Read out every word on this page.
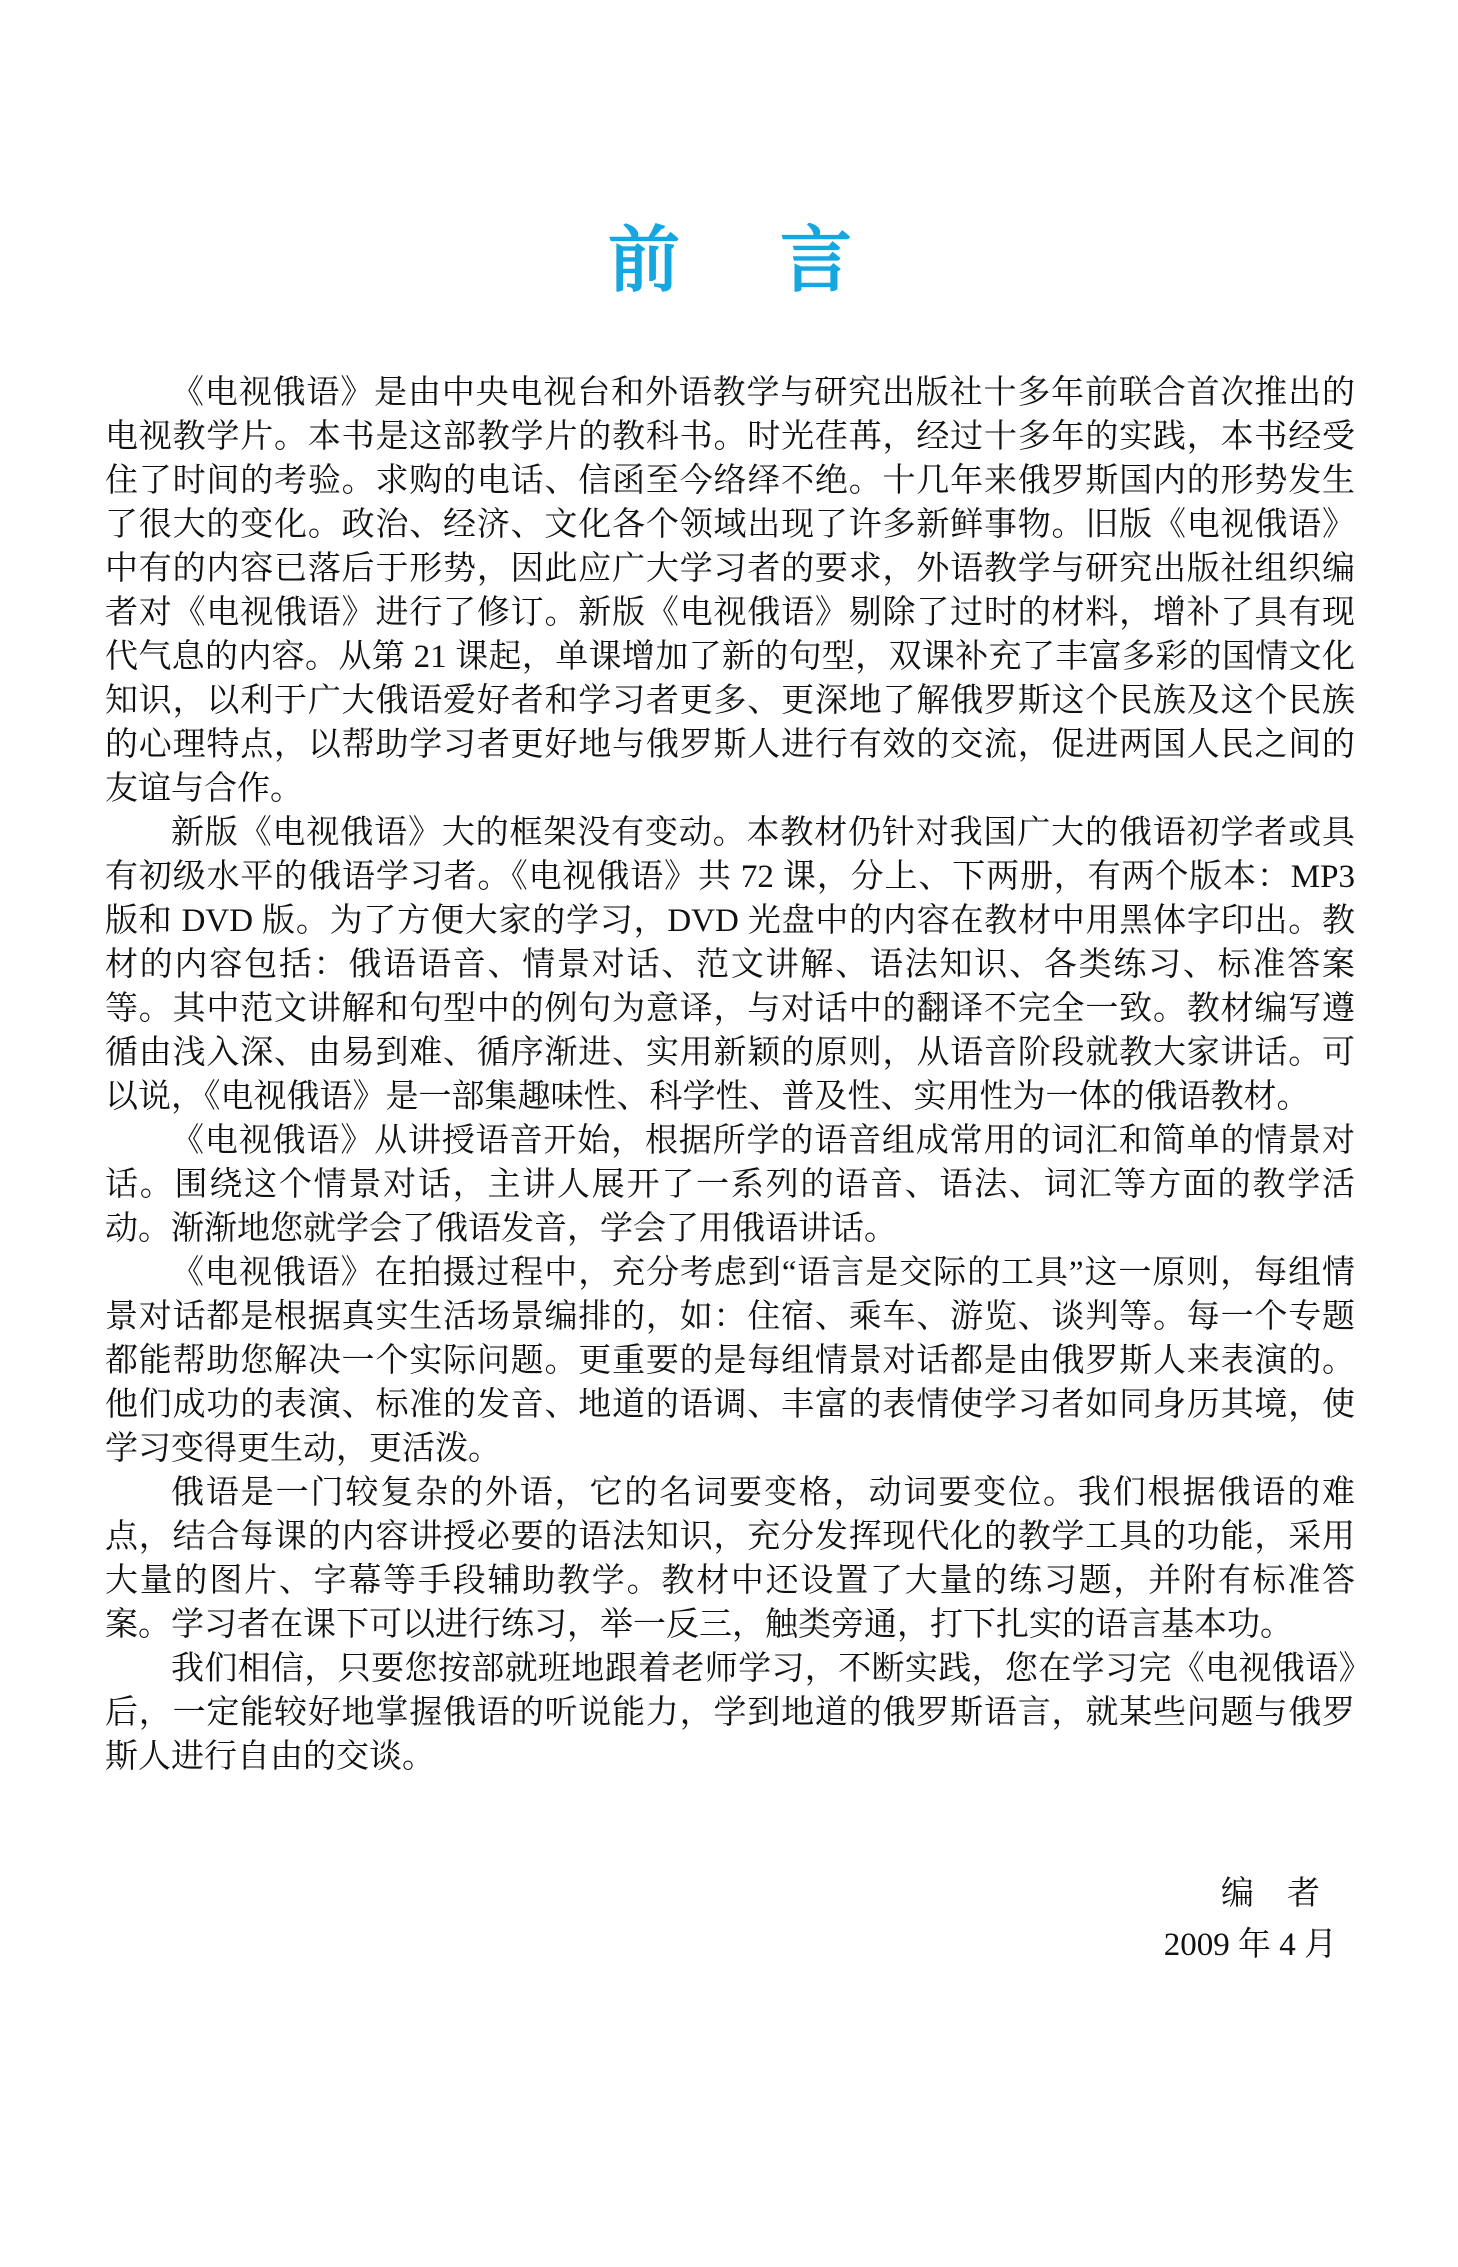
前 言

《电视俄语》是由中央电视台和外语教学与研究出版社十多年前联合首次推出的电视教学片。本书是这部教学片的教科书。时光荏苒，经过十多年的实践，本书经受住了时间的考验。求购的电话、信函至今络绎不绝。十几年来俄罗斯国内的形势发生了很大的变化。政治、经济、文化各个领域出现了许多新鲜事物。旧版《电视俄语》中有的内容已落后于形势，因此应广大学习者的要求，外语教学与研究出版社组织编者对《电视俄语》进行了修订。新版《电视俄语》剔除了过时的材料，增补了具有现代气息的内容。从第 21 课起，单课增加了新的句型，双课补充了丰富多彩的国情文化知识，以利于广大俄语爱好者和学习者更多、更深地了解俄罗斯这个民族及这个民族的心理特点，以帮助学习者更好地与俄罗斯人进行有效的交流，促进两国人民之间的友谊与合作。

新版《电视俄语》大的框架没有变动。本教材仍针对我国广大的俄语初学者或具有初级水平的俄语学习者。《电视俄语》共 72 课，分上、下两册，有两个版本：MP3 版和 DVD 版。为了方便大家的学习，DVD 光盘中的内容在教材中用黑体字印出。教材的内容包括：俄语语音、情景对话、范文讲解、语法知识、各类练习、标准答案等。其中范文讲解和句型中的例句为意译，与对话中的翻译不完全一致。教材编写遵循由浅入深、由易到难、循序渐进、实用新颖的原则，从语音阶段就教大家讲话。可以说，《电视俄语》是一部集趣味性、科学性、普及性、实用性为一体的俄语教材。

《电视俄语》从讲授语音开始，根据所学的语音组成常用的词汇和简单的情景对话。围绕这个情景对话，主讲人展开了一系列的语音、语法、词汇等方面的教学活动。渐渐地您就学会了俄语发音，学会了用俄语讲话。

《电视俄语》在拍摄过程中，充分考虑到“语言是交际的工具”这一原则，每组情景对话都是根据真实生活场景编排的，如：住宿、乘车、游览、谈判等。每一个专题都能帮助您解决一个实际问题。更重要的是每组情景对话都是由俄罗斯人来表演的。他们成功的表演、标准的发音、地道的语调、丰富的表情使学习者如同身历其境，使学习变得更生动，更活泼。

俄语是一门较复杂的外语，它的名词要变格，动词要变位。我们根据俄语的难点，结合每课的内容讲授必要的语法知识，充分发挥现代化的教学工具的功能，采用大量的图片、字幕等手段辅助教学。教材中还设置了大量的练习题，并附有标准答案。学习者在课下可以进行练习，举一反三，触类旁通，打下扎实的语言基本功。

我们相信，只要您按部就班地跟着老师学习，不断实践，您在学习完《电视俄语》后，一定能较好地掌握俄语的听说能力，学到地道的俄罗斯语言，就某些问题与俄罗斯人进行自由的交谈。

编　者
2009 年 4 月
